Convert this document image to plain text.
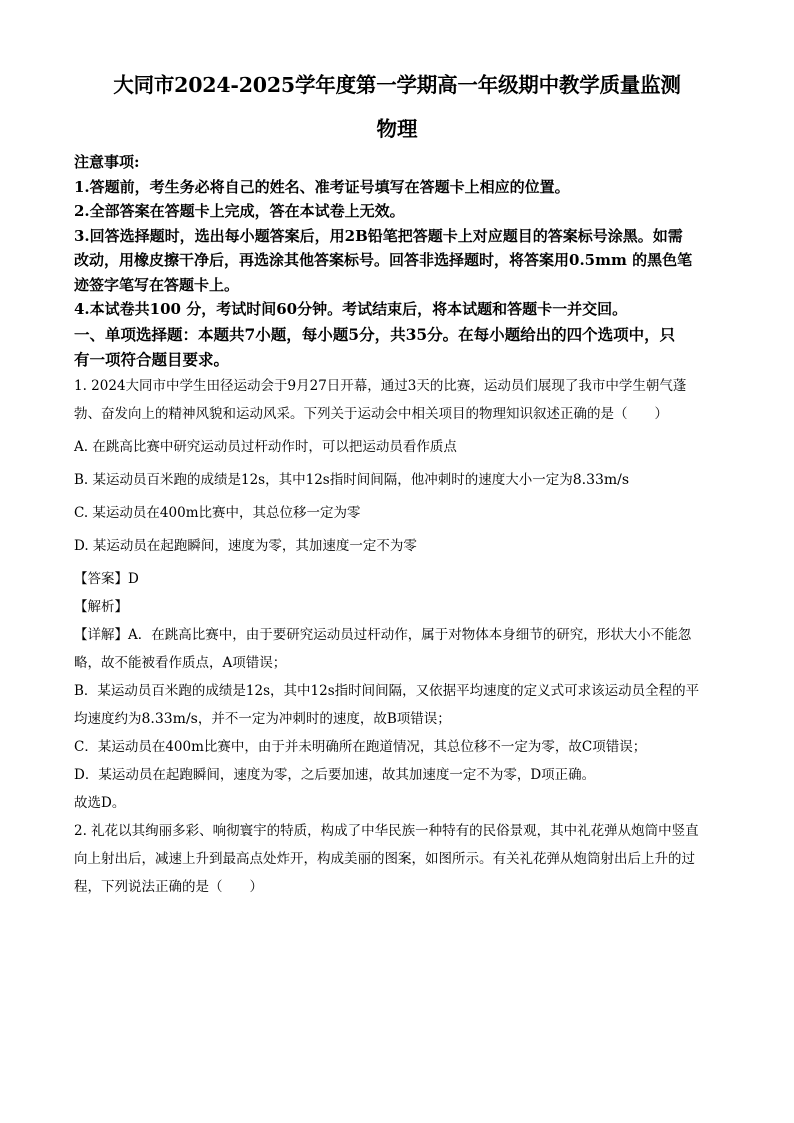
大同市2024-2025学年度第一学期高一年级期中教学质量监测
物理

注意事项:

1.答题前，考生务必将自己的姓名、准考证号填写在答题卡上相应的位置。

2.全部答案在答题卡上完成，答在本试卷上无效。

3.回答选择题时，选出每小题答案后，用2B铅笔把答题卡上对应题目的答案标号涂黑。如需

改动，用橡皮擦干净后，再选涂其他答案标号。回答非选择题时，将答案用0.5mm 的黑色笔

迹签字笔写在答题卡上。

4.本试卷共100 分，考试时间60分钟。考试结束后，将本试题和答题卡一并交回。

一、单项选择题：本题共7小题，每小题5分，共35分。在每小题给出的四个选项中，只

有一项符合题目要求。

1. 2024大同市中学生田径运动会于9月27日开幕，通过3天的比赛，运动员们展现了我市中学生朝气蓬

勃、奋发向上的精神风貌和运动风采。下列关于运动会中相关项目的物理知识叙述正确的是（　　）

A. 在跳高比赛中研究运动员过杆动作时，可以把运动员看作质点

B. 某运动员百米跑的成绩是12s，其中12s指时间间隔，他冲刺时的速度大小一定为8.33m/s

C. 某运动员在400m比赛中，其总位移一定为零

D. 某运动员在起跑瞬间，速度为零，其加速度一定不为零

【答案】D

【解析】

【详解】A．在跳高比赛中，由于要研究运动员过杆动作，属于对物体本身细节的研究，形状大小不能忽

略，故不能被看作质点，A项错误；

B．某运动员百米跑的成绩是12s，其中12s指时间间隔，又依据平均速度的定义式可求该运动员全程的平

均速度约为8.33m/s，并不一定为冲刺时的速度，故B项错误；

C．某运动员在400m比赛中，由于并未明确所在跑道情况，其总位移不一定为零，故C项错误；

D．某运动员在起跑瞬间，速度为零，之后要加速，故其加速度一定不为零，D项正确。

故选D。

2. 礼花以其绚丽多彩、响彻寰宇的特质，构成了中华民族一种特有的民俗景观，其中礼花弹从炮筒中竖直

向上射出后，减速上升到最高点处炸开，构成美丽的图案，如图所示。有关礼花弹从炮筒射出后上升的过

程，下列说法正确的是（　　）
